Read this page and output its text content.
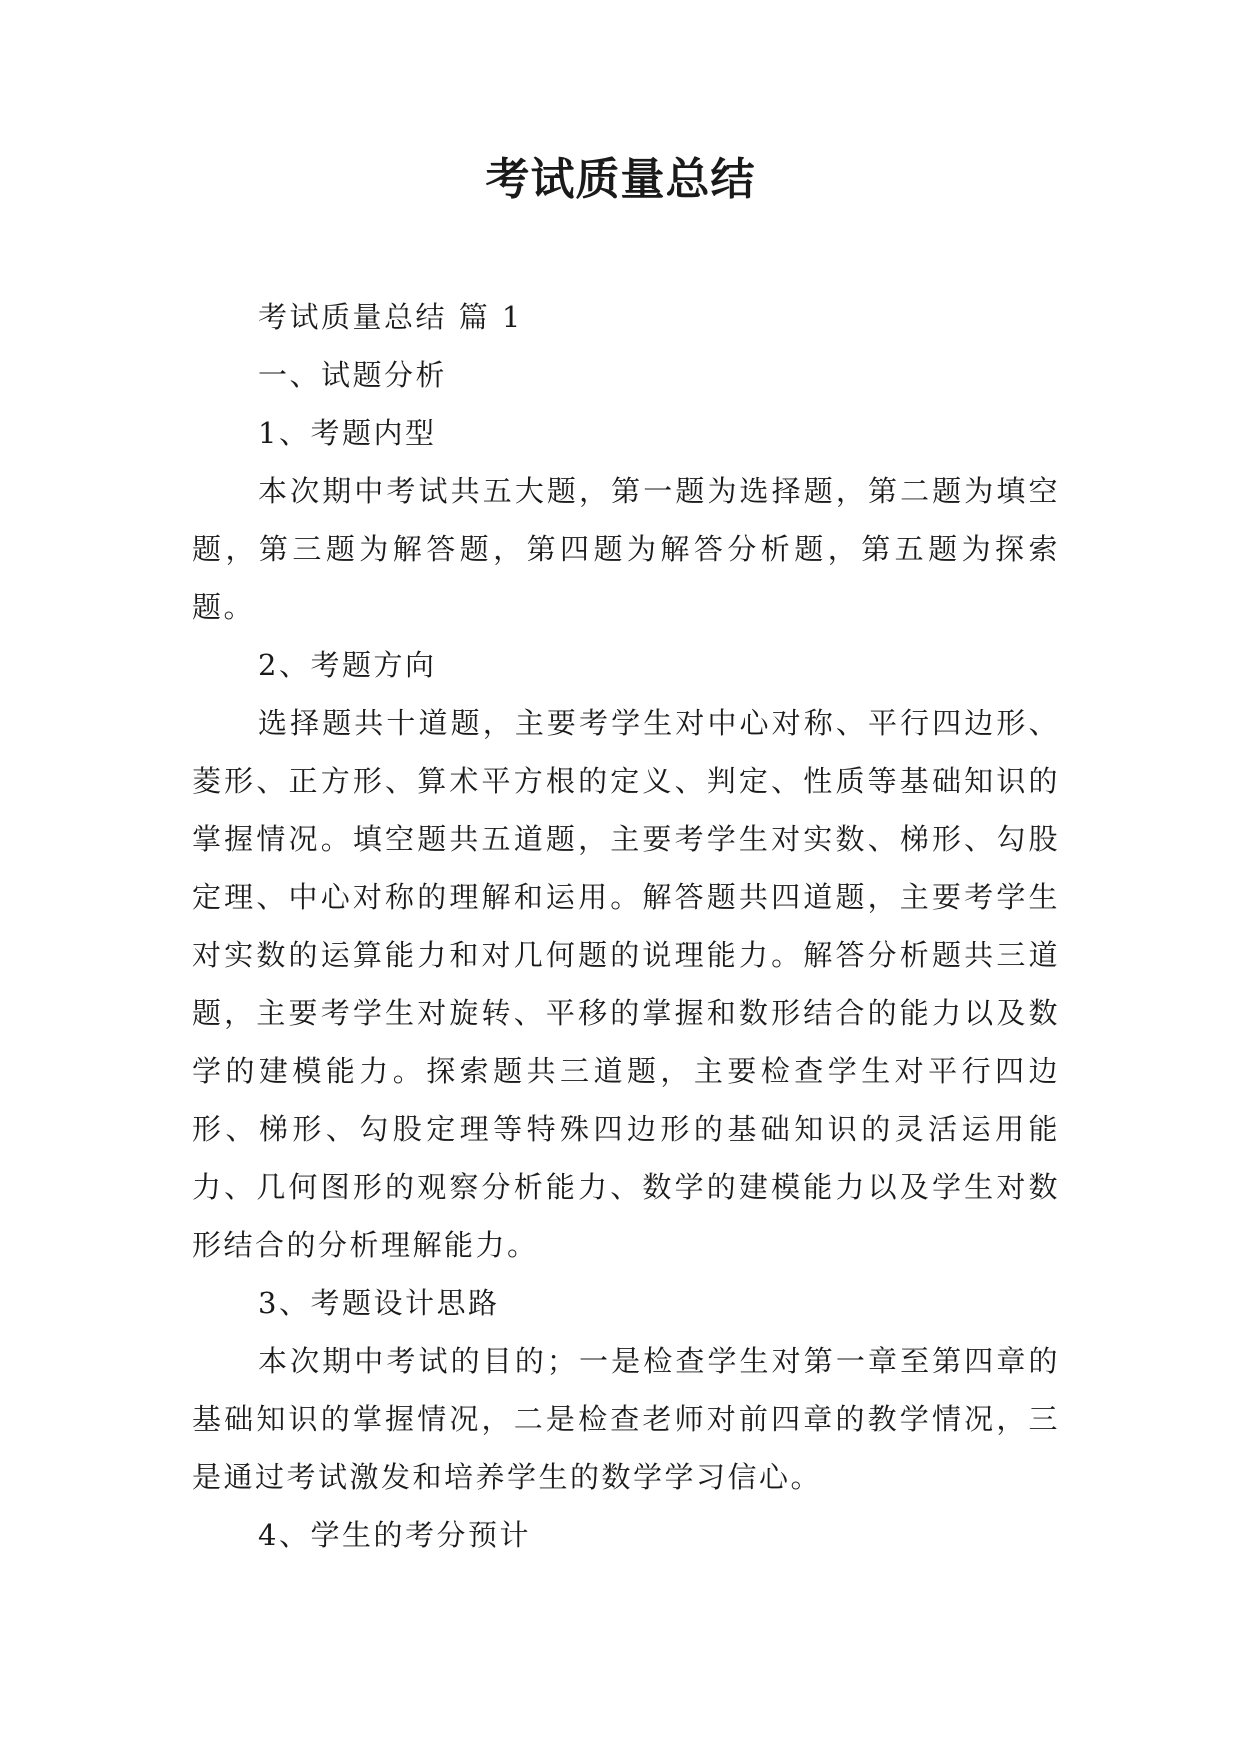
考试质量总结

考试质量总结 篇 1

一、试题分析

1、考题内型

本次期中考试共五大题，第一题为选择题，第二题为填空题，第三题为解答题，第四题为解答分析题，第五题为探索题。

2、考题方向

选择题共十道题，主要考学生对中心对称、平行四边形、菱形、正方形、算术平方根的定义、判定、性质等基础知识的掌握情况。填空题共五道题，主要考学生对实数、梯形、勾股定理、中心对称的理解和运用。解答题共四道题，主要考学生对实数的运算能力和对几何题的说理能力。解答分析题共三道题，主要考学生对旋转、平移的掌握和数形结合的能力以及数学的建模能力。探索题共三道题，主要检查学生对平行四边形、梯形、勾股定理等特殊四边形的基础知识的灵活运用能力、几何图形的观察分析能力、数学的建模能力以及学生对数形结合的分析理解能力。

3、考题设计思路

本次期中考试的目的；一是检查学生对第一章至第四章的基础知识的掌握情况，二是检查老师对前四章的教学情况，三是通过考试激发和培养学生的数学学习信心。

4、学生的考分预计
